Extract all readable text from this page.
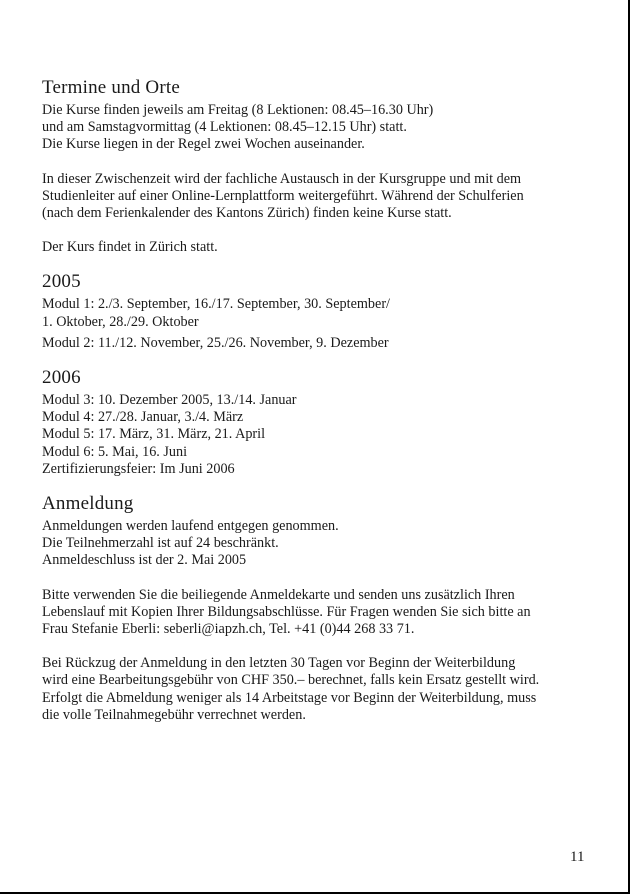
Termine und Orte
Die Kurse finden jeweils am Freitag (8 Lektionen: 08.45–16.30 Uhr)
und am Samstagvormittag (4 Lektionen: 08.45–12.15 Uhr) statt.
Die Kurse liegen in der Regel zwei Wochen auseinander.
In dieser Zwischenzeit wird der fachliche Austausch in der Kursgruppe und mit dem
Studienleiter auf einer Online-Lernplattform weitergeführt. Während der Schulferien
(nach dem Ferienkalender des Kantons Zürich) finden keine Kurse statt.
Der Kurs findet in Zürich statt.
2005
Modul 1: 2./3. September, 16./17. September, 30. September/
1. Oktober, 28./29. Oktober
Modul 2: 11./12. November, 25./26. November, 9. Dezember
2006
Modul 3: 10. Dezember 2005, 13./14. Januar
Modul 4: 27./28. Januar, 3./4. März
Modul 5: 17. März, 31. März, 21. April
Modul 6: 5. Mai, 16. Juni
Zertifizierungsfeier: Im Juni 2006
Anmeldung
Anmeldungen werden laufend entgegen genommen.
Die Teilnehmerzahl ist auf 24 beschränkt.
Anmeldeschluss ist der 2. Mai 2005
Bitte verwenden Sie die beiliegende Anmeldekarte und senden uns zusätzlich Ihren
Lebenslauf mit Kopien Ihrer Bildungsabschlüsse. Für Fragen wenden Sie sich bitte an
Frau Stefanie Eberli: seberli@iapzh.ch, Tel. +41 (0)44 268 33 71.
Bei Rückzug der Anmeldung in den letzten 30 Tagen vor Beginn der Weiterbildung
wird eine Bearbeitungsgebühr von CHF 350.– berechnet, falls kein Ersatz gestellt wird.
Erfolgt die Abmeldung weniger als 14 Arbeitstage vor Beginn der Weiterbildung, muss
die volle Teilnahmegebühr verrechnet werden.
11
